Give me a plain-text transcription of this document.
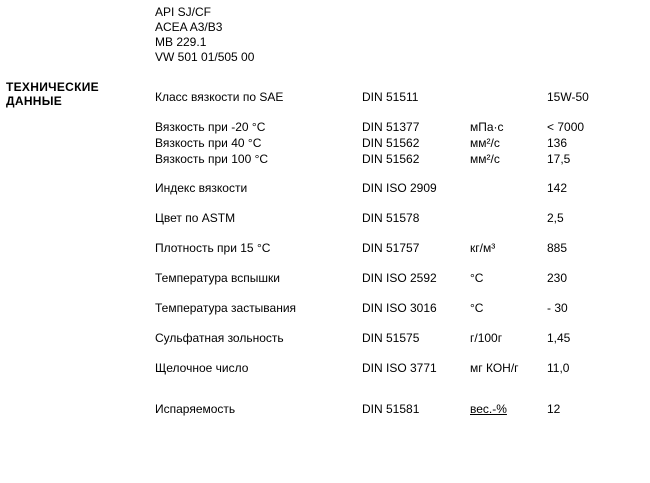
API SJ/CF
ACEA A3/B3
MB 229.1
VW 501 01/505 00
ТЕХНИЧЕСКИЕ
ДАННЫЕ	Класс вязкости по SAE	DIN 51511		15W-50

Вязкость при -20 °С	DIN 51377	мПа·с	< 7000
Вязкость при 40 °С	DIN 51562	мм²/с	136
Вязкость при 100 °С	DIN 51562	мм²/с	17,5

Индекс вязкости	DIN ISO 2909		142

Цвет по ASTM	DIN 51578		2,5

Плотность при 15 °С	DIN 51757	кг/м³	885

Температура вспышки	DIN ISO 2592	°С	230

Температура застывания	DIN ISO 3016	°С	- 30

Сульфатная зольность	DIN 51575	г/100г	1,45

Щелочное число	DIN ISO 3771	мг КОН/г	11,0

Испаряемость	DIN 51581	вес.-%	12
